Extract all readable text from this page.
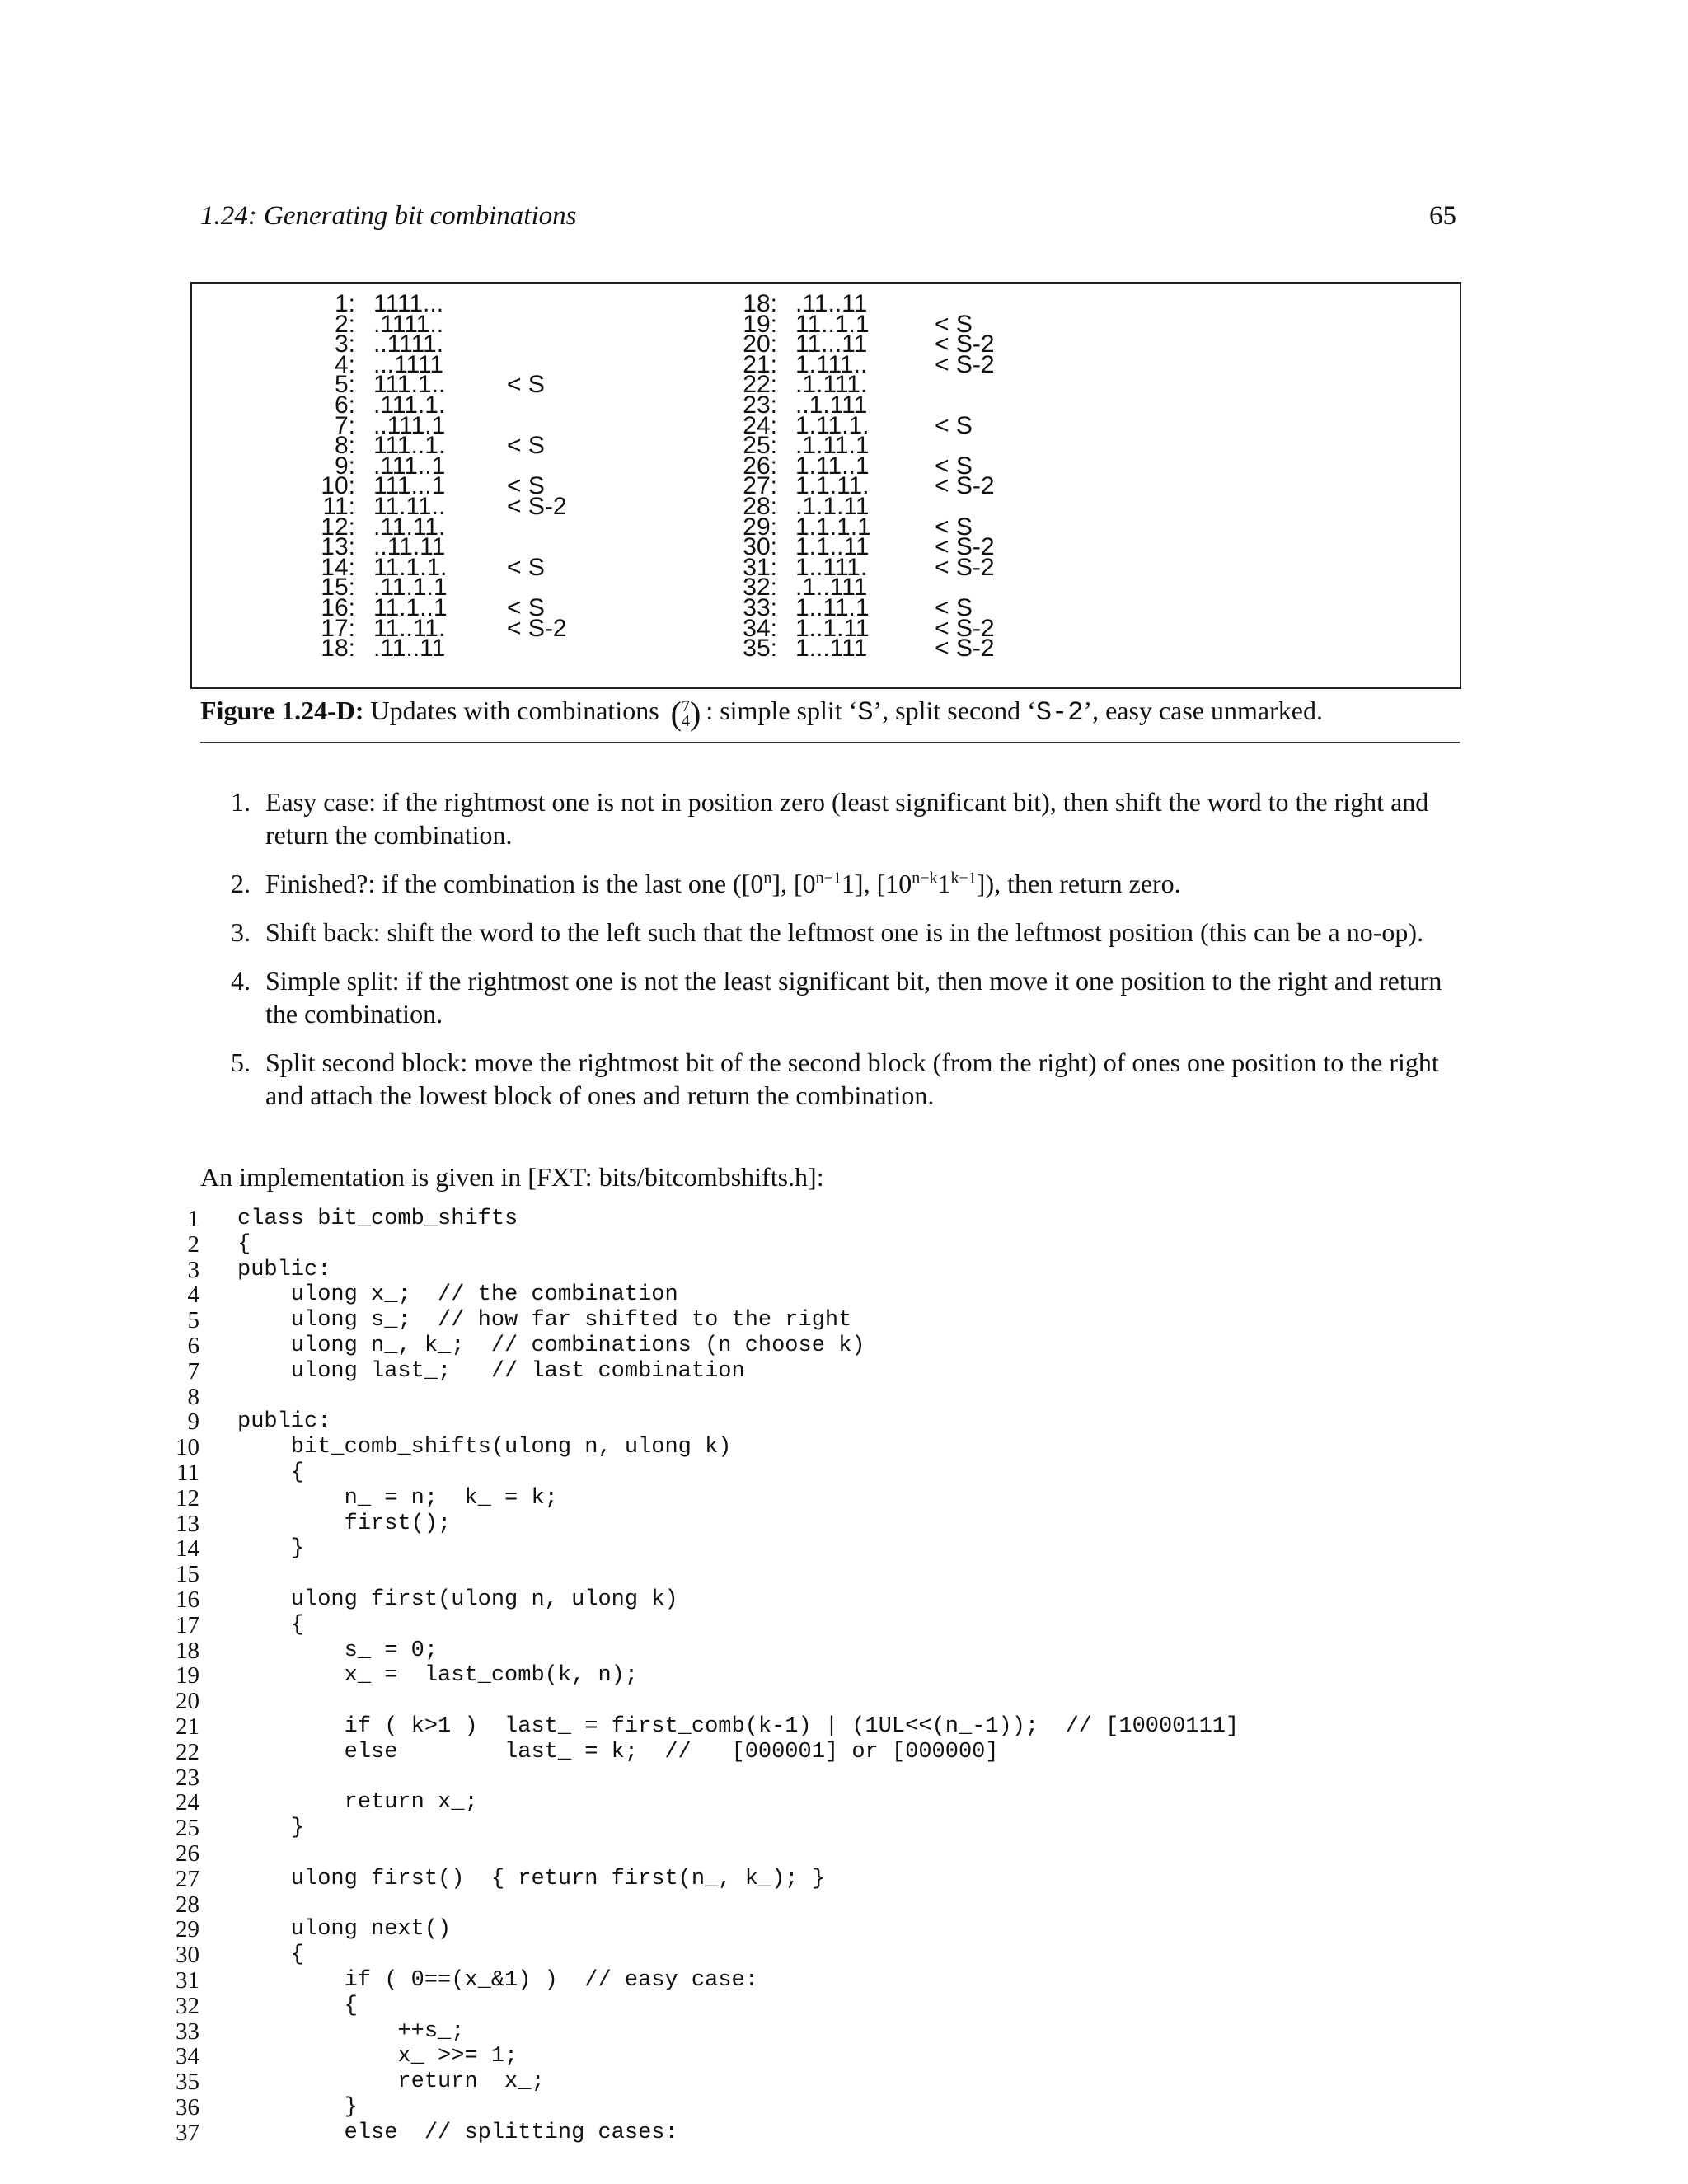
1.24: Generating bit combinations	65
1: 1111...
2: .1111..
3: ..1111.
4: ...1111
5: 111.1.. < S
6: .111.1.
7: ..111.1
8: 111..1. < S
9: .111..1
10: 111...1 < S
11: 11.11.. < S-2
12: .11.11.
13: ..11.11
14: 11.1.1. < S
15: .11.1.1
16: 11.1..1 < S
17: 11..11. < S-2
18: .11..11
18: .11..11
19: 11..1.1	< S
20: 11...11	< S-2
21: 1.111..	< S-2
22: .1.111.
23: ..1.111
24: 1.11.1.	< S
25: .1.11.1
26: 1.11..1	< S
27: 1.1.11.	< S-2
28: .1.1.11
29: 1.1.1.1	< S
30: 1.1..11	< S-2
31: 1..111.	< S-2
32: .1..111
33: 1..11.1	< S
34: 1..1.11	< S-2
35: 1...111	< S-2
Figure 1.24-D: Updates with combinations ( 7
4 ) : simple split ‘S’, split second ‘S-2’, easy case unmarked.
1. Easy case: if the rightmost one is not in position zero (least significant bit), then shift the word to the right and return the combination.
2. Finished?: if the combination is the last one ([0$^n$], $[0^{n-1}1]$, $[10^{n-k}1^{k-1}]$), then return zero.
3. Shift back: shift the word to the left such that the leftmost one is in the leftmost position (this can be a no-op).
4. Simple split: if the rightmost one is not the least significant bit, then move it one position to the right and return the combination.
5. Split second block: move the rightmost bit of the second block (from the right) of ones one position to the right and attach the lowest block of ones and return the combination.
An implementation is given in [FXT: bits/bitcombshifts.h]:
1 class bit_comb_shifts
2 {
3 public:
4 ulong x_;  // the combination
5 ulong s_;  // how far shifted to the right
6 ulong n_, k_;  // combinations (n choose k)
7 ulong last_;   // last combination
8
9 public:
10 bit_comb_shifts(ulong n, ulong k)
11 {
12 n_ = n;  k_ = k;
13 first();
14 }
15
16 ulong first(ulong n, ulong k)
17 {
18 s_ = 0;
19 x_ =  last_comb(k, n);
20
21 if ( k>1 )  last_ = first_comb(k-1) | (1UL<<(n_-1));  // [10000111]
22 else        last_ = k;  //   [000001] or [000000]
23
24 return x_;
25 }
26
27 ulong first()  { return first(n_, k_); }
28
29 ulong next()
30 {
31 if ( 0==(x_&1) )  // easy case:
32 {
33 ++s_;
34 x_ >>= 1;
35 return  x_;
36 }
37 else  // splitting cases:
